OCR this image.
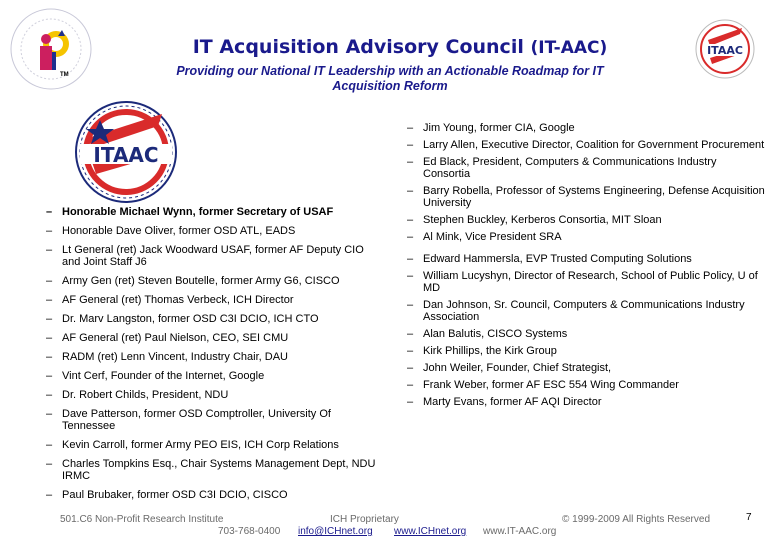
TM
IT Acquisition Advisory Council (IT-AAC)
Providing our National IT Leadership with an Actionable Roadmap for IT Acquisition Reform
ITAAC
ITAAC
– Honorable Michael Wynn, former Secretary of USAF
– Honorable Dave Oliver, former OSD ATL, EADS
– Lt General (ret) Jack Woodward USAF, former AF Deputy CIO and Joint Staff J6
– Army Gen (ret) Steven Boutelle, former Army G6, CISCO
– AF General (ret) Thomas Verbeck, ICH Director
– Dr. Marv Langston, former OSD C3I DCIO, ICH CTO
– AF General (ret) Paul Nielson, CEO, SEI CMU
– RADM (ret) Lenn Vincent, Industry Chair, DAU
– Vint Cerf, Founder of the Internet, Google
– Dr. Robert Childs, President, NDU
– Dave Patterson, former OSD Comptroller, University Of Tennessee
– Kevin Carroll, former Army PEO EIS, ICH Corp Relations
– Charles Tompkins Esq., Chair Systems Management Dept, NDU IRMC
– Paul Brubaker, former OSD C3I DCIO, CISCO
– Jim Young, former CIA, Google
– Larry Allen, Executive Director, Coalition for Government Procurement
– Ed Black, President, Computers & Communications Industry Consortia
– Barry Robella, Professor of Systems Engineering, Defense Acquisition University
– Stephen Buckley, Kerberos Consortia, MIT Sloan
– Al Mink, Vice President SRA
– Edward Hammersla, EVP Trusted Computing Solutions
– William Lucyshyn, Director of Research, School of Public Policy, U of MD
– Dan Johnson, Sr. Council, Computers & Communications Industry Association
– Alan Balutis, CISCO Systems
– Kirk Phillips, the Kirk Group
– John Weiler, Founder, Chief Strategist,
– Frank Weber, former AF ESC 554 Wing Commander
– Marty Evans, former AF AQI Director
501.C6 Non-Profit Research Institute
703-768-0400 info@ICHnet.org
ICH Proprietary
www.ICHnet.org www.IT-AAC.org
© 1999-2009 All Rights Reserved	7
